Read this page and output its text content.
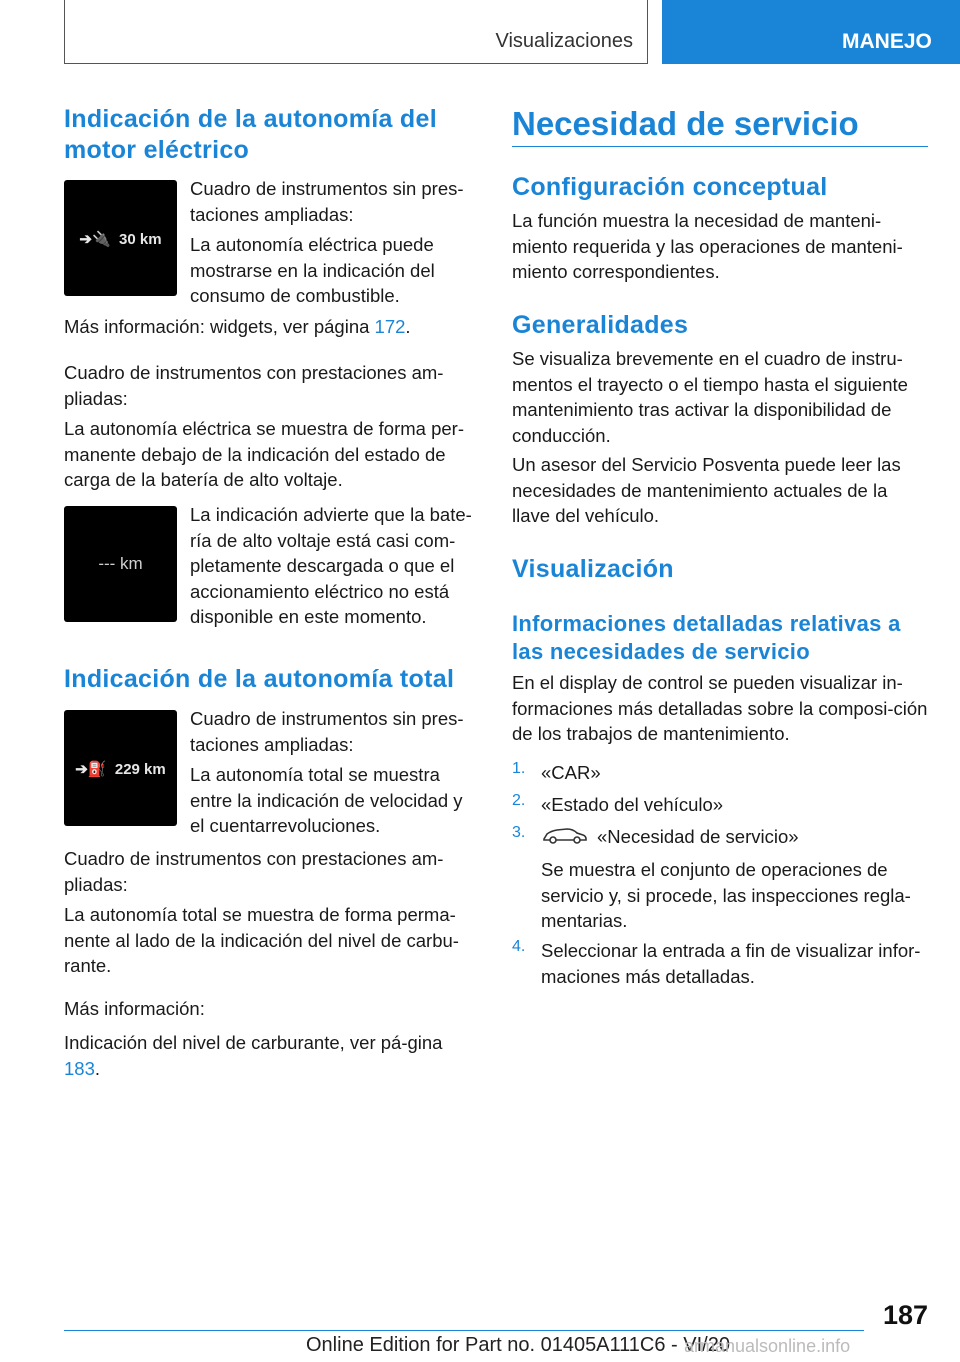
Visualizaciones	MANEJO
Indicación de la autonomía del motor eléctrico
➔🔌  30 km

Cuadro de instrumentos sin pres-taciones ampliadas:

La autonomía eléctrica puede mostrarse en la indicación del consumo de combustible.

Más información: widgets, ver página 172.

Cuadro de instrumentos con prestaciones am-pliadas:

La autonomía eléctrica se muestra de forma per-manente debajo de la indicación del estado de carga de la batería de alto voltaje.

--- km

La indicación advierte que la bate-ría de alto voltaje está casi com-pletamente descargada o que el accionamiento eléctrico no está disponible en este momento.

Indicación de la autonomía total
➔⛽  229 km

Cuadro de instrumentos sin pres-taciones ampliadas:

La autonomía total se muestra entre la indicación de velocidad y el cuentarrevoluciones.

Cuadro de instrumentos con prestaciones am-pliadas:

La autonomía total se muestra de forma perma-nente al lado de la indicación del nivel de carbu-rante.

Más información:

Indicación del nivel de carburante, ver pá-gina 183.

Necesidad de servicio
Configuración conceptual

La función muestra la necesidad de manteni-miento requerida y las operaciones de manteni-miento correspondientes.

Generalidades

Se visualiza brevemente en el cuadro de instru-mentos el trayecto o el tiempo hasta el siguiente mantenimiento tras activar la disponibilidad de conducción.

Un asesor del Servicio Posventa puede leer las necesidades de mantenimiento actuales de la llave del vehículo.

Visualización
Informaciones detalladas relativas a las necesidades de servicio

En el display de control se pueden visualizar in-formaciones más detalladas sobre la composi-ción de los trabajos de mantenimiento.

1. «CAR»

2. «Estado del vehículo»

3.	«Necesidad de servicio»

Se muestra el conjunto de operaciones de servicio y, si procede, las inspecciones regla-mentarias.

4. Seleccionar la entrada a fin de visualizar infor-maciones más detalladas.

187
Online Edition for Part no. 01405A111C6 - VI/20
armanualsonline.info
